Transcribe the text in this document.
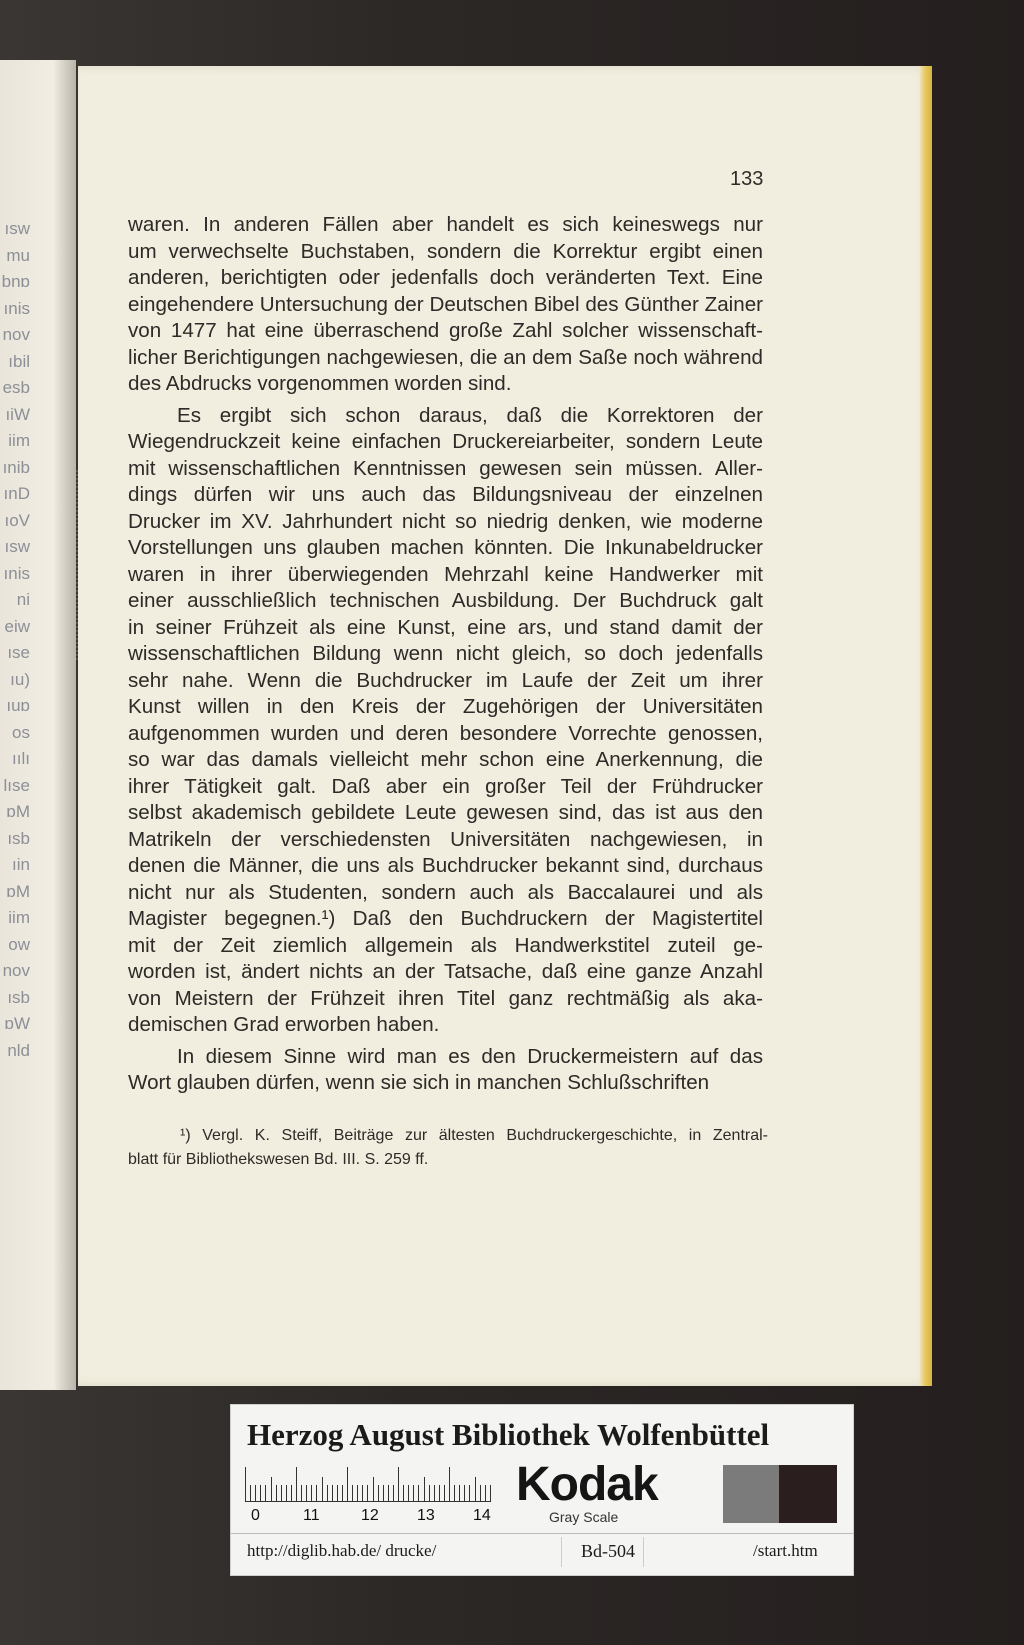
ısw
mu
bnɒ
ınis
nov
ıbil
esb
ıiW
iim
ınib
ınD
ıoV
ısw
ınis
ni
eiw
ıse
ıu)
ıuɒ
os
ıılı
lıse
ɒM
ısb
ıin
ɒM
iim
ow
nov
ısb
ɒW
nld
133
waren. In anderen Fällen aber handelt es sich keineswegs nur
um verwechselte Buchstaben, sondern die Korrektur ergibt einen
anderen, berichtigten oder jedenfalls doch veränderten Text. Eine
eingehendere Untersuchung der Deutschen Bibel des Günther Zainer
von 1477 hat eine überraschend große Zahl solcher wissenschaft-
licher Berichtigungen nachgewiesen, die an dem Saße noch während
des Abdrucks vorgenommen worden sind.
Es ergibt sich schon daraus, daß die Korrektoren der
Wiegendruckzeit keine einfachen Druckereiarbeiter, sondern Leute
mit wissenschaftlichen Kenntnissen gewesen sein müssen. Aller-
dings dürfen wir uns auch das Bildungsniveau der einzelnen
Drucker im XV. Jahrhundert nicht so niedrig denken, wie moderne
Vorstellungen uns glauben machen könnten. Die Inkunabeldrucker
waren in ihrer überwiegenden Mehrzahl keine Handwerker mit
einer ausschließlich technischen Ausbildung. Der Buchdruck galt
in seiner Frühzeit als eine Kunst, eine ars, und stand damit der
wissenschaftlichen Bildung wenn nicht gleich, so doch jedenfalls
sehr nahe. Wenn die Buchdrucker im Laufe der Zeit um ihrer
Kunst willen in den Kreis der Zugehörigen der Universitäten
aufgenommen wurden und deren besondere Vorrechte genossen,
so war das damals vielleicht mehr schon eine Anerkennung, die
ihrer Tätigkeit galt. Daß aber ein großer Teil der Frühdrucker
selbst akademisch gebildete Leute gewesen sind, das ist aus den
Matrikeln der verschiedensten Universitäten nachgewiesen, in
denen die Männer, die uns als Buchdrucker bekannt sind, durchaus
nicht nur als Studenten, sondern auch als Baccalaurei und als
Magister begegnen.¹) Daß den Buchdruckern der Magistertitel
mit der Zeit ziemlich allgemein als Handwerkstitel zuteil ge-
worden ist, ändert nichts an der Tatsache, daß eine ganze Anzahl
von Meistern der Frühzeit ihren Titel ganz rechtmäßig als aka-
demischen Grad erworben haben.
In diesem Sinne wird man es den Druckermeistern auf das
Wort glauben dürfen, wenn sie sich in manchen Schlußschriften
¹) Vergl. K. Steiff, Beiträge zur ältesten Buchdruckergeschichte, in Zentral-
blatt für Bibliothekswesen Bd. III. S. 259 ff.
Herzog August Bibliothek Wolfenbüttel
0	11	12 13 14
Kodak
Gray Scale
http://diglib.hab.de/ drucke/	Bd-504	/start.htm
